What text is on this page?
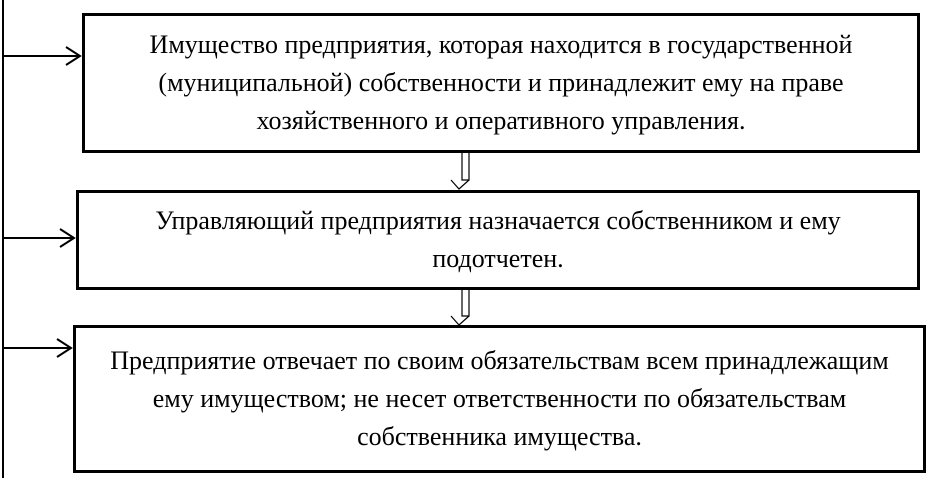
Имущество предприятия, которая находится в государственной (муниципальной) собственности и принадлежит ему на праве хозяйственного и оперативного управления.
Управляющий предприятия назначается собственником и ему подотчетен.
Предприятие отвечает по своим обязательствам всем принадлежащим ему имуществом; не несет ответственности по обязательствам собственника имущества.
